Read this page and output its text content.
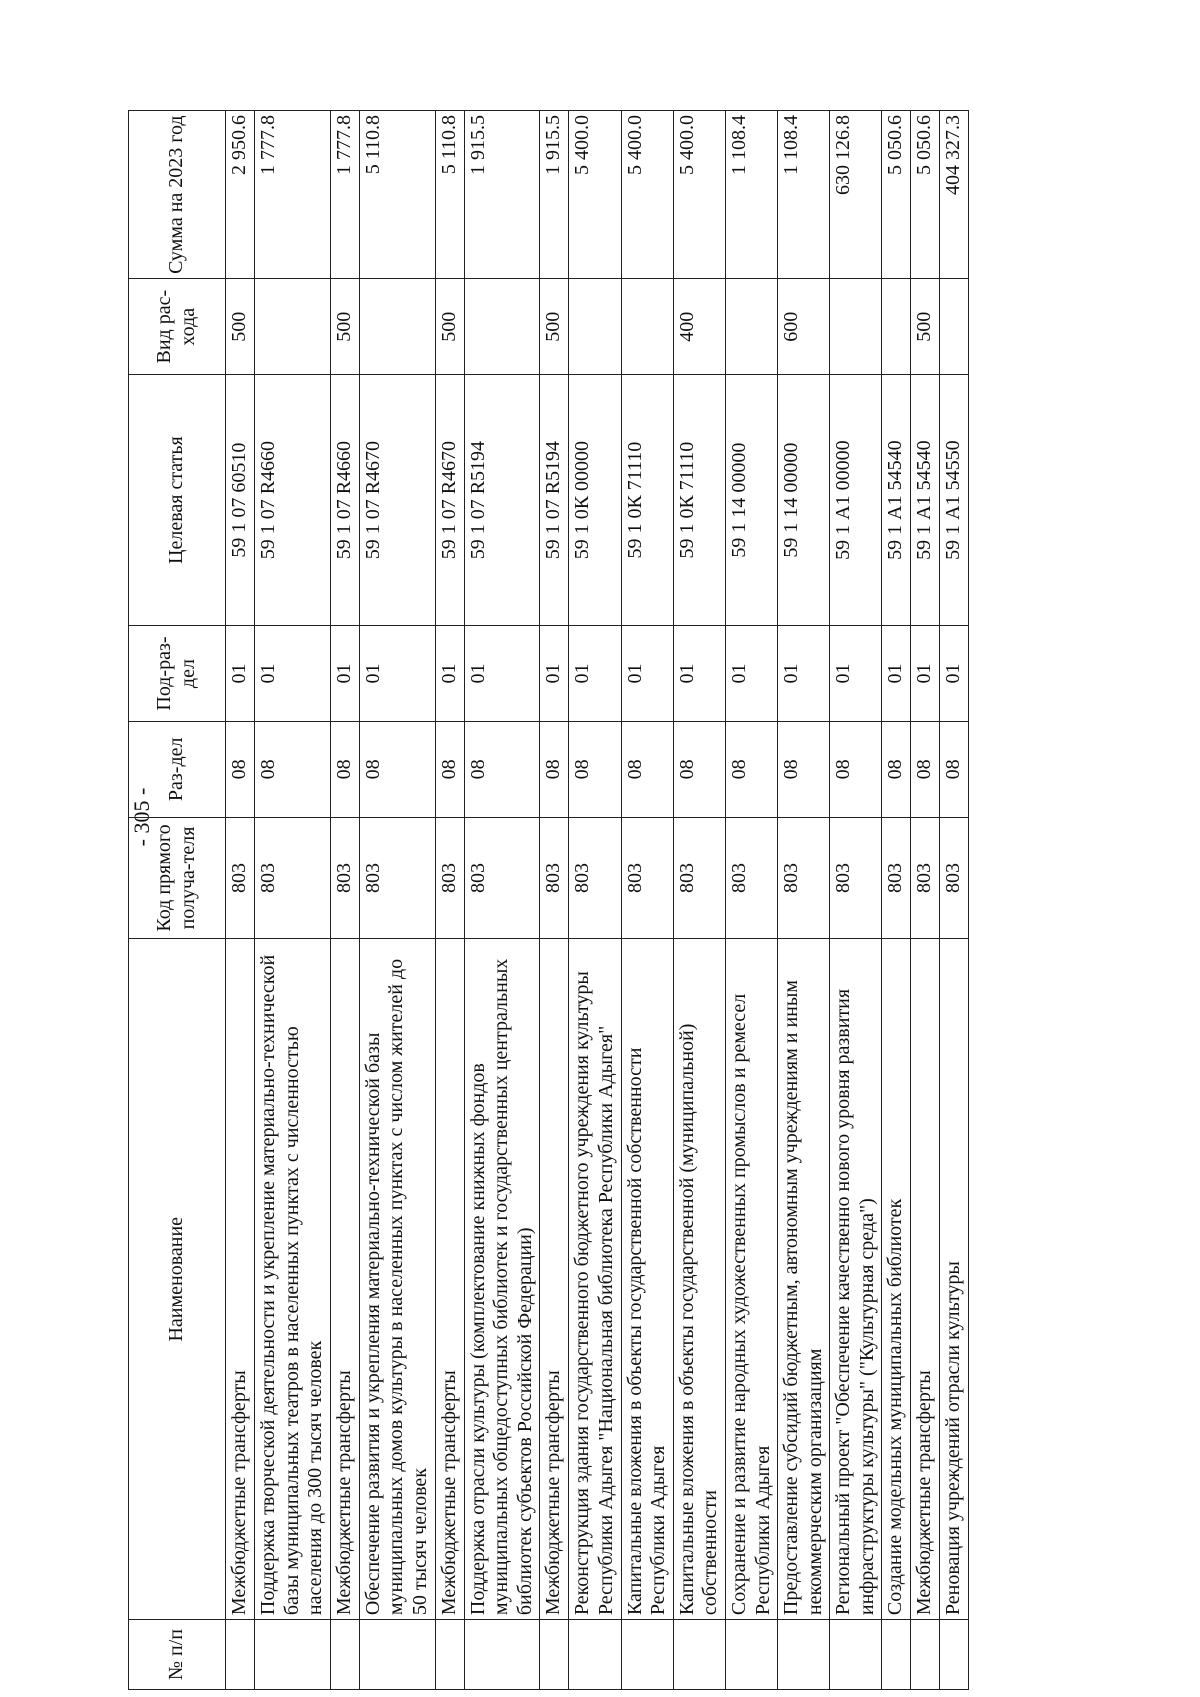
- 305 -
№ п/п	Наименование	Код прямого получа-теля	Раз-дел	Под-раз-дел	Целевая статья	Вид рас-хода	Сумма на 2023 год
	Межбюджетные трансферты	803	08	01	59 1 07 60510	500	2 950.6
	Поддержка творческой деятельности и укрепление материально-технической базы муниципальных театров в населенных пунктах с численностью населения до 300 тысяч человек	803	08	01	59 1 07 R4660		1 777.8
	Межбюджетные трансферты	803	08	01	59 1 07 R4660	500	1 777.8
	Обеспечение развития и укрепления материально-технической базы муниципальных домов культуры в населенных пунктах с числом жителей до 50 тысяч человек	803	08	01	59 1 07 R4670		5 110.8
	Межбюджетные трансферты	803	08	01	59 1 07 R4670	500	5 110.8
	Поддержка отрасли культуры (комплектование книжных фондов муниципальных общедоступных библиотек и государственных центральных библиотек субъектов Российской Федерации)	803	08	01	59 1 07 R5194		1 915.5
	Межбюджетные трансферты	803	08	01	59 1 07 R5194	500	1 915.5
	Реконструкция здания государственного бюджетного учреждения культуры Республики Адыгея "Национальная библиотека Республики Адыгея"	803	08	01	59 1 0К 00000		5 400.0
	Капитальные вложения в объекты государственной собственности Республики Адыгея	803	08	01	59 1 0К 71110		5 400.0
	Капитальные вложения в объекты государственной (муниципальной) собственности	803	08	01	59 1 0К 71110	400	5 400.0
	Сохранение и развитие народных художественных промыслов и ремесел Республики Адыгея	803	08	01	59 1 14 00000		1 108.4
	Предоставление субсидий бюджетным, автономным учреждениям и иным некоммерческим организациям	803	08	01	59 1 14 00000	600	1 108.4
	Региональный проект "Обеспечение качественно нового уровня развития инфраструктуры культуры" ("Культурная среда")	803	08	01	59 1 А1 00000		630 126.8
	Создание модельных муниципальных библиотек	803	08	01	59 1 А1 54540		5 050.6
	Межбюджетные трансферты	803	08	01	59 1 А1 54540	500	5 050.6
	Реновация учреждений отрасли культуры	803	08	01	59 1 А1 54550		404 327.3
